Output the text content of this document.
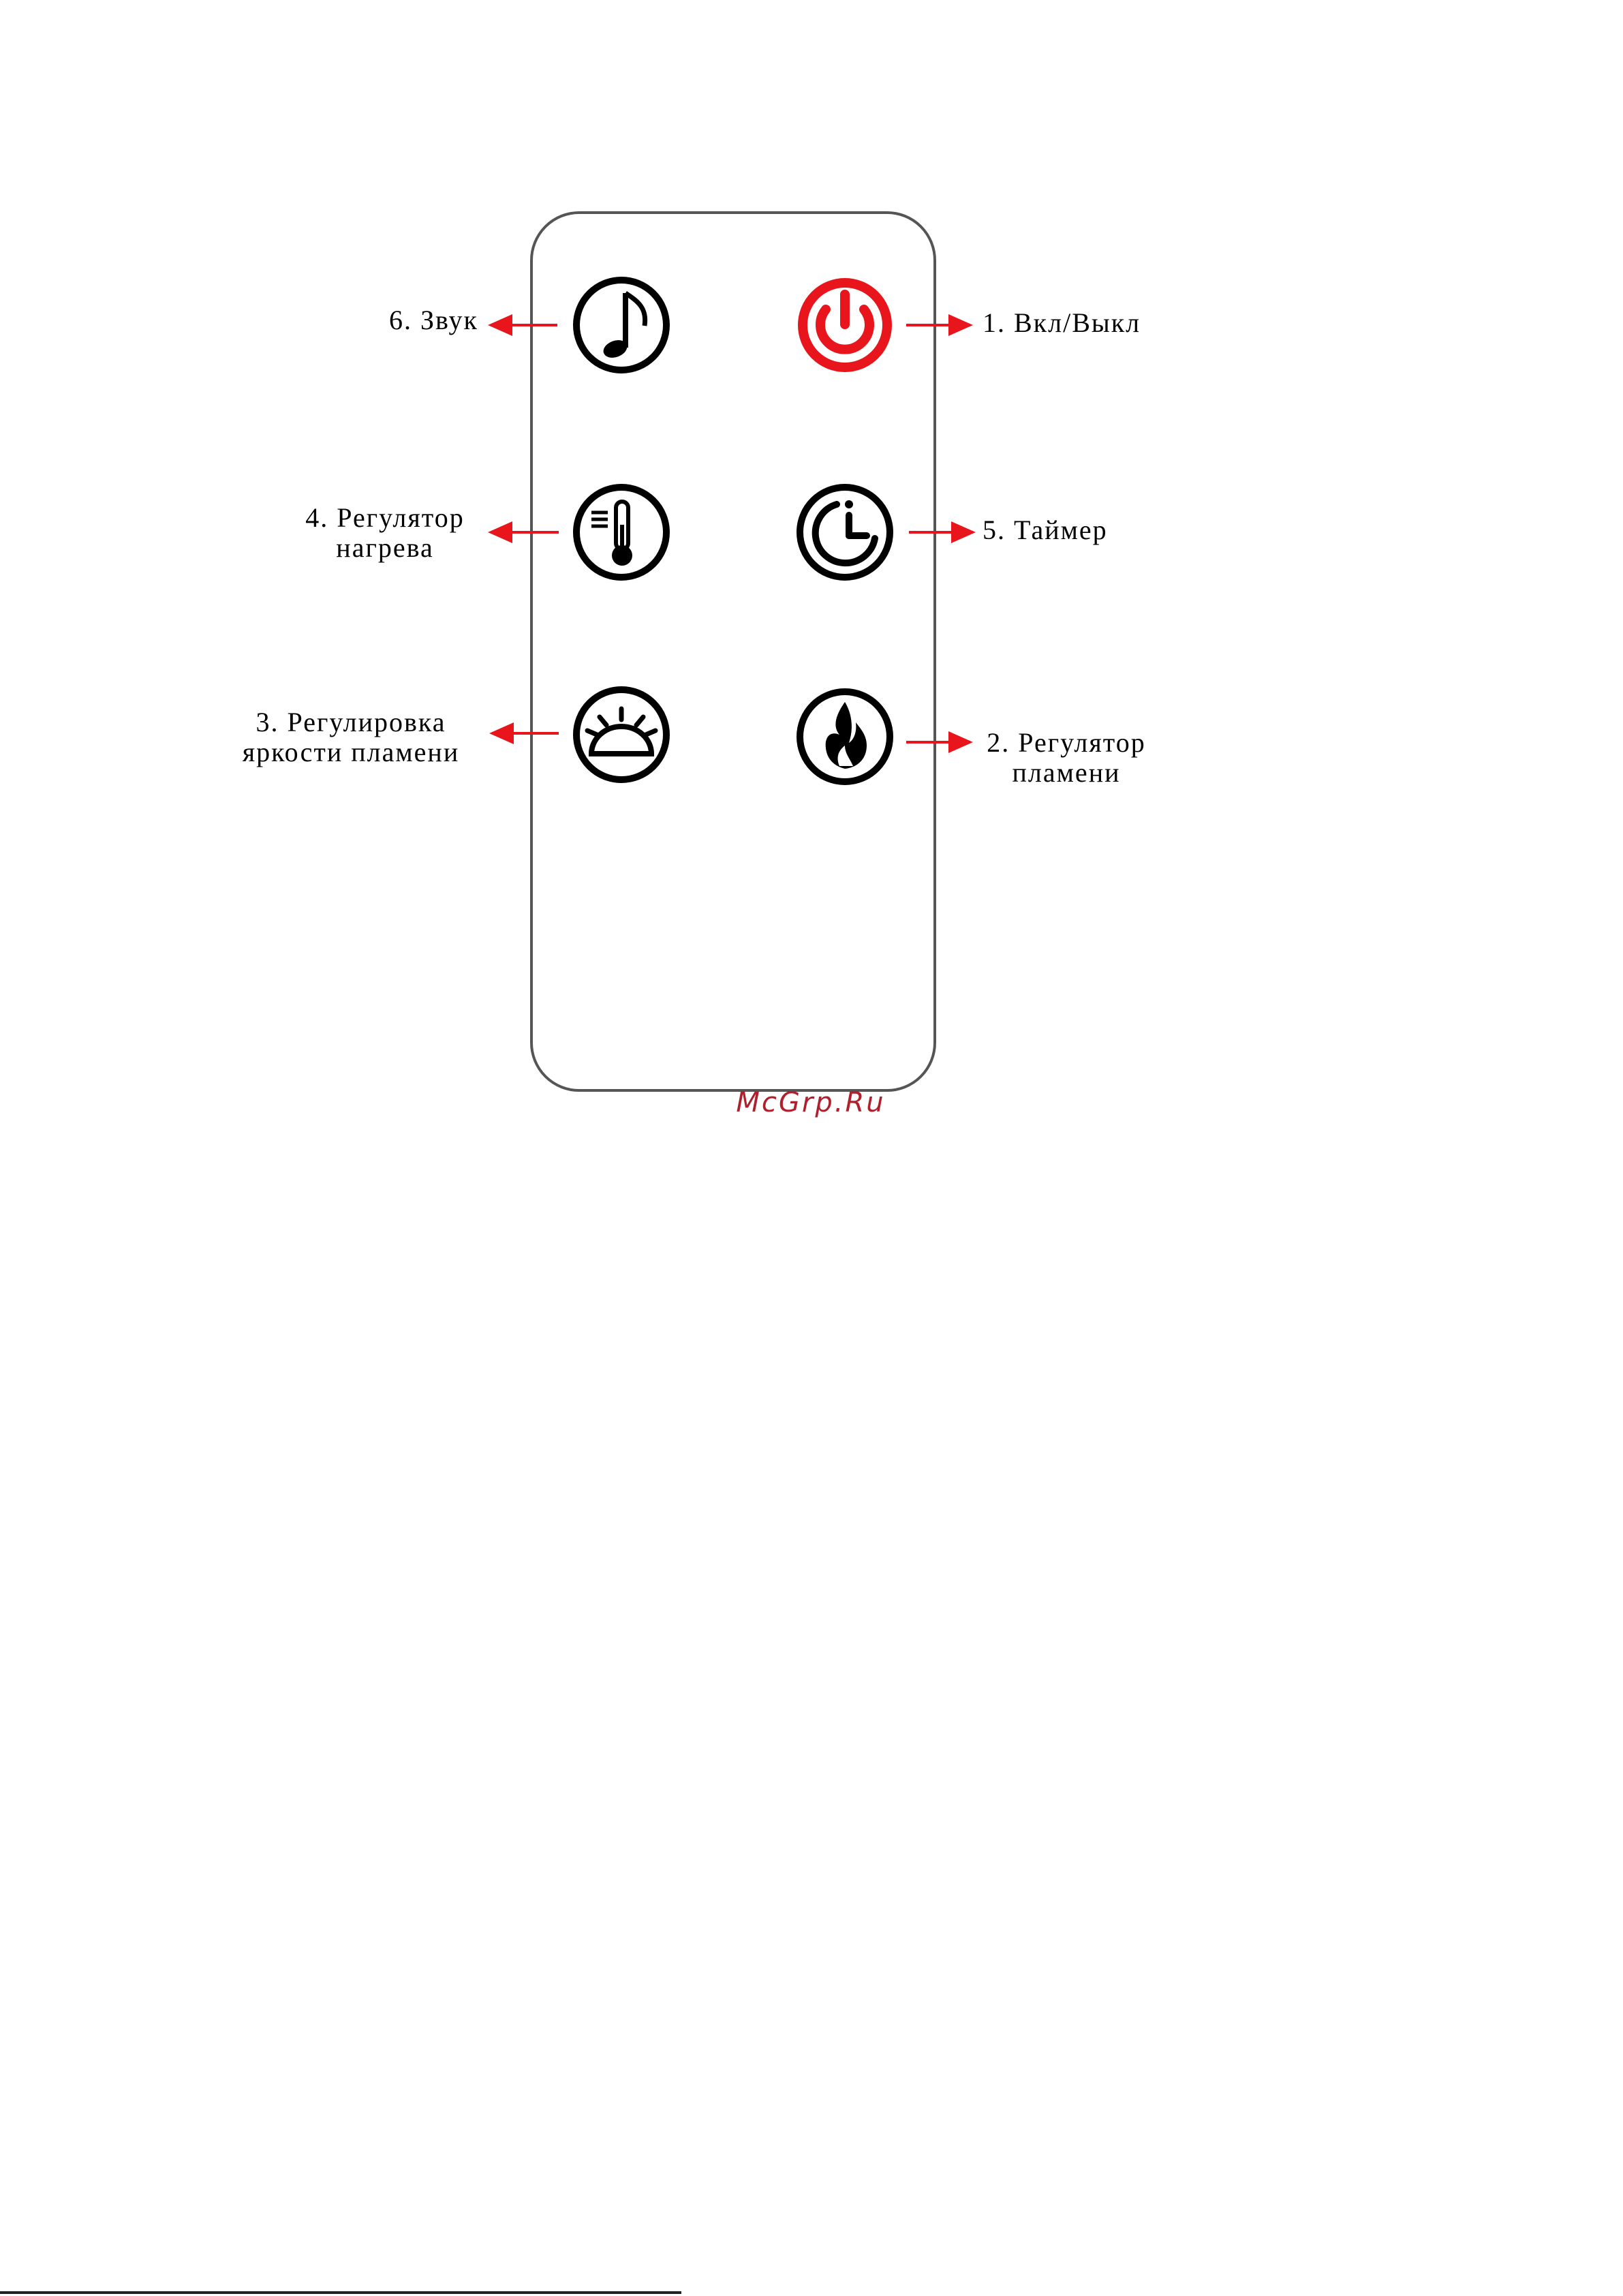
6. Звук	1. Вкл/Выкл
4. Регулятор
нагрева
5. Таймер
3. Регулировка
яркости пламени	2. Регулятор
пламени
McGrp.Ru
